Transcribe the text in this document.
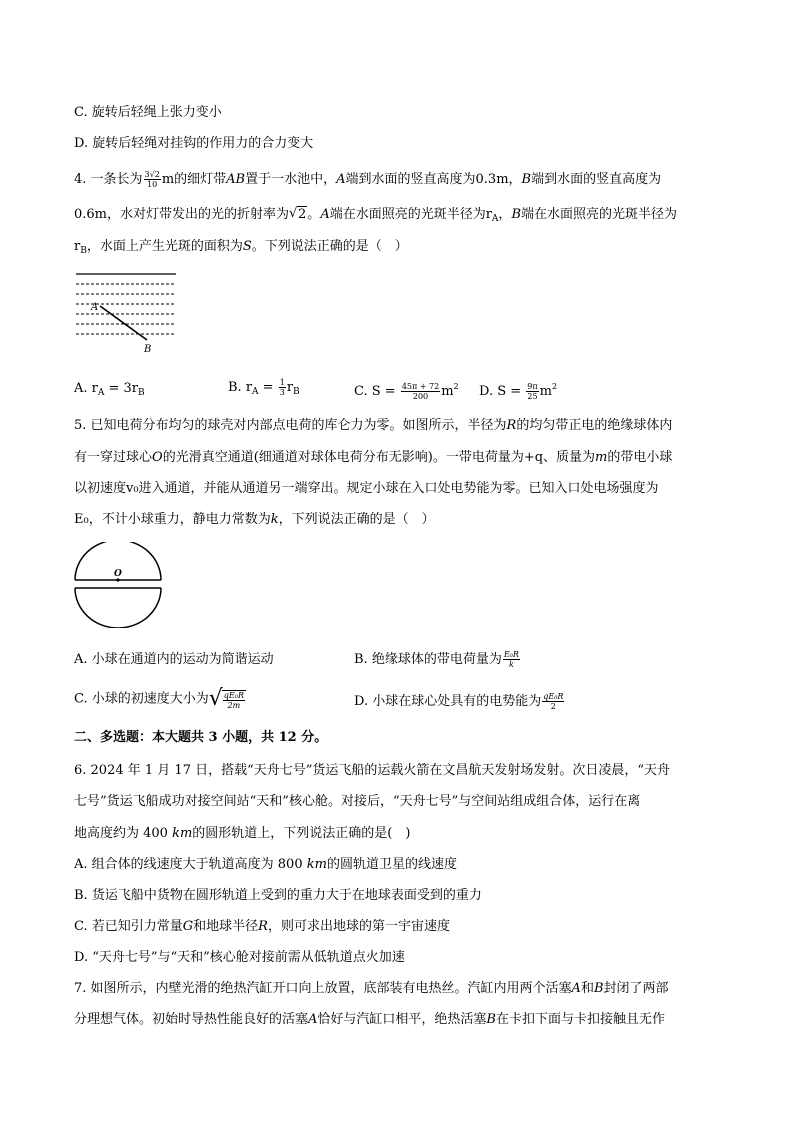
C. 旋转后轻绳上张力变小
D. 旋转后轻绳对挂钩的作用力的合力变大
4. 一条长为 $\frac{3√2}{10}$ m的细灯带AB置于一水池中，A端到水面的竖直高度为0.3m，B端到水面的竖直高度为
0.6m，水对灯带发出的光的折射率为√ 2。A端在水面照亮的光斑半径为$r_A$，B端在水面照亮的光斑半径为
$r_B$，水面上产生光斑的面积为S。下列说法正确的是（　）
A
B
A. $r_A = 3r_B$	B. $r_A = \frac{1}{3} r_B$	C. $S = \frac{45\pi + 72}{200} m^2$ D. $S = \frac{9\pi}{25} m^2$
5. 已知电荷分布均匀的球壳对内部点电荷的库仑力为零。如图所示，半径为R的均匀带正电的绝缘球体内
有一穿过球心O的光滑真空通道(细通道对球体电荷分布无影响)。一带电荷量为+q、质量为m的带电小球
以初速度v₀进入通道，并能从通道另一端穿出。规定小球在入口处电势能为零。已知入口处电场强度为
E₀，不计小球重力，静电力常数为k，下列说法正确的是（　）
O
A. 小球在通道内的运动为简谐运动	B. 绝缘球体的带电荷量为 $\frac{\text{E₀R}}{k}$
C. 小球的初速度大小为 √ $\frac{\text{qE₀R}}{2m}$	D. 小球在球心处具有的电势能为 $\frac{\text{qE₀R}}{2}$
二、多选题：本大题共 3 小题，共 12 分。
6. 2024 年 1 月 17 日，搭载“天舟七号”货运飞船的运载火箭在文昌航天发射场发射。次日凌晨，“天舟
七号”货运飞船成功对接空间站“天和”核心舱。对接后，“天舟七号”与空间站组成组合体，运行在离
地高度约为 400 km的圆形轨道上，下列说法正确的是(　)
A. 组合体的线速度大于轨道高度为 800 km的圆轨道卫星的线速度
B. 货运飞船中货物在圆形轨道上受到的重力大于在地球表面受到的重力
C. 若已知引力常量G和地球半径R，则可求出地球的第一宇宙速度
D. “天舟七号”与“天和”核心舱对接前需从低轨道点火加速
7. 如图所示，内壁光滑的绝热汽缸开口向上放置，底部装有电热丝。汽缸内用两个活塞A和B封闭了两部
分理想气体。初始时导热性能良好的活塞A恰好与汽缸口相平，绝热活塞B在卡扣下面与卡扣接触且无作
